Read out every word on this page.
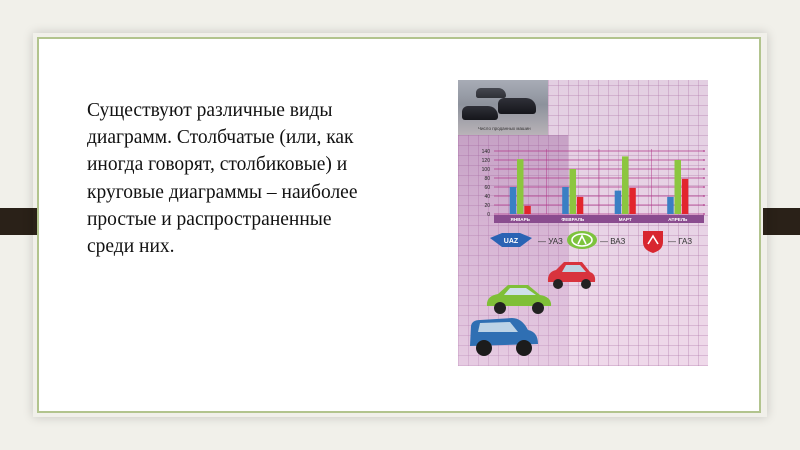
Существуют различные виды
диаграмм. Столбчатые (или, как
иногда говорят, столбиковые) и
круговые диаграммы – наиболее
простые и распространенные
среди них.

Число проданных машин
0
20
40
60
80
100
120
140
ЯНВАРЬ	ФЕВРАЛЬ	МАРТ	АПРЕЛЬ
UAZ — УАЗ	— ВАЗ	— ГАЗ
